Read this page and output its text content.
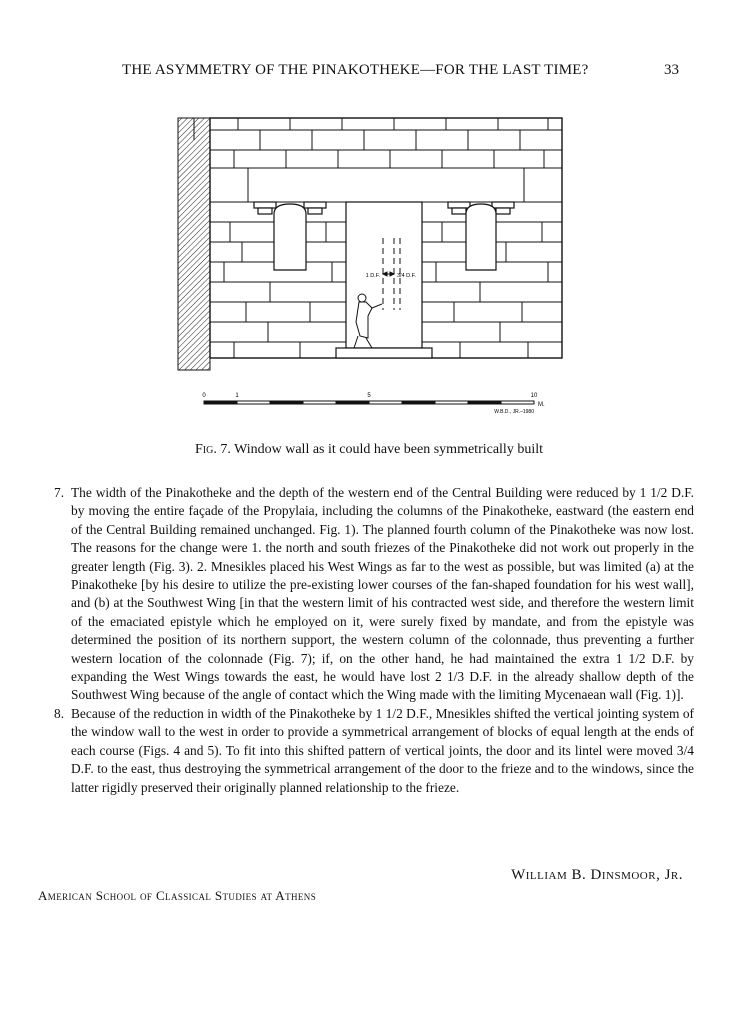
THE ASYMMETRY OF THE PINAKOTHEKE—FOR THE LAST TIME?	33
1 D.F.	3/4 D.F.
0	1	5	10
M.
W.B.D., JR.–1980
Fig. 7. Window wall as it could have been symmetrically built
7. The width of the Pinakotheke and the depth of the western end of the Central Building were reduced by 1 1/2 D.F. by moving the entire façade of the Propylaia, including the columns of the Pinakotheke, eastward (the eastern end of the Central Building remained unchanged. Fig. 1). The planned fourth column of the Pinakotheke was now lost. The reasons for the change were 1. the north and south friezes of the Pinakotheke did not work out properly in the greater length (Fig. 3). 2. Mnesikles placed his West Wings as far to the west as possible, but was limited (a) at the Pinakotheke [by his desire to utilize the pre-existing lower courses of the fan-shaped foundation for his west wall], and (b) at the Southwest Wing [in that the western limit of his contracted west side, and therefore the western limit of the emaciated epistyle which he employed on it, were surely fixed by mandate, and from the epistyle was determined the position of its northern support, the western column of the colonnade, thus preventing a further western location of the colonnade (Fig. 7); if, on the other hand, he had maintained the extra 1 1/2 D.F. by expanding the West Wings towards the east, he would have lost 2 1/3 D.F. in the already shallow depth of the Southwest Wing because of the angle of contact which the Wing made with the limiting Mycenaean wall (Fig. 1)].
8. Because of the reduction in width of the Pinakotheke by 1 1/2 D.F., Mnesikles shifted the vertical jointing system of the window wall to the west in order to provide a symmetrical arrangement of blocks of equal length at the ends of each course (Figs. 4 and 5). To fit into this shifted pattern of vertical joints, the door and its lintel were moved 3/4 D.F. to the east, thus destroying the symmetrical arrangement of the door to the frieze and to the windows, since the latter rigidly preserved their originally planned relationship to the frieze.
William B. Dinsmoor, Jr.
American School of Classical Studies at Athens
